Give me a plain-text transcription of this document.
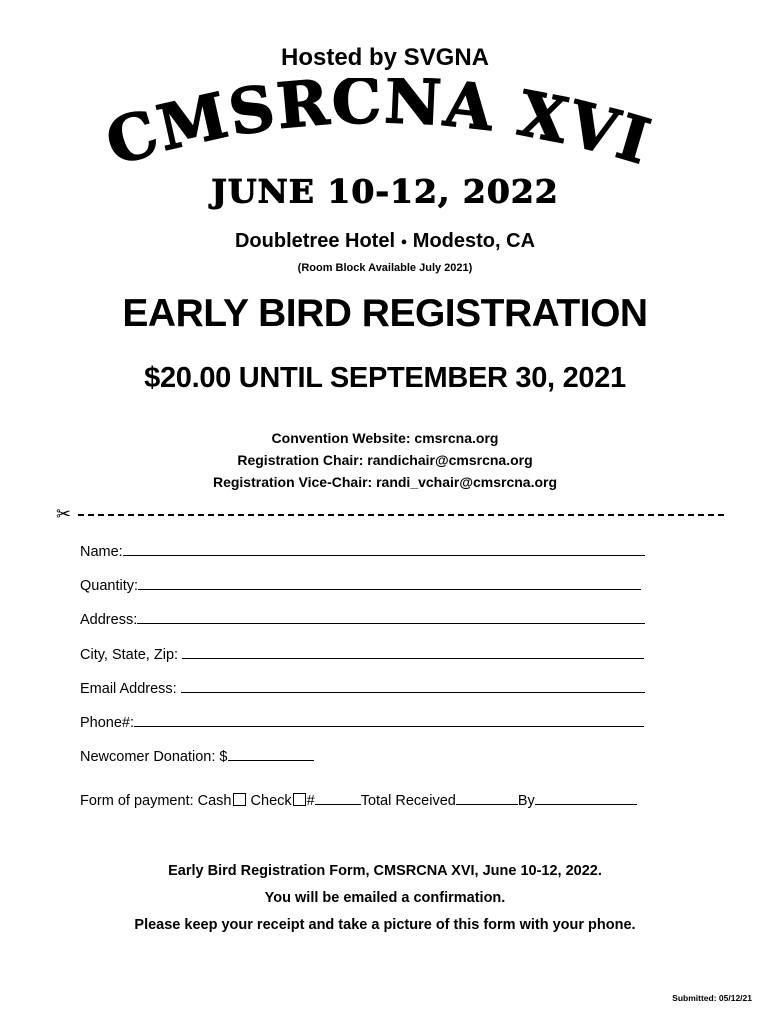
Hosted by SVGNA
CMSRCNA XVI
JUNE 10-12, 2022
Doubletree Hotel ● Modesto, CA
(Room Block Available July 2021)
EARLY BIRD REGISTRATION
$20.00 UNTIL SEPTEMBER 30, 2021
Convention Website: cmsrcna.org
Registration Chair: randichair@cmsrcna.org
Registration Vice-Chair: randi_vchair@cmsrcna.org
✂
Name:
Quantity:
Address:
City, State, Zip:
Email Address:
Phone#:
Newcomer Donation: $
Form of payment: Cash Check #	Total Received	By
Early Bird Registration Form, CMSRCNA XVI, June 10-12, 2022.
You will be emailed a confirmation.
Please keep your receipt and take a picture of this form with your phone.
Submitted: 05/12/21
